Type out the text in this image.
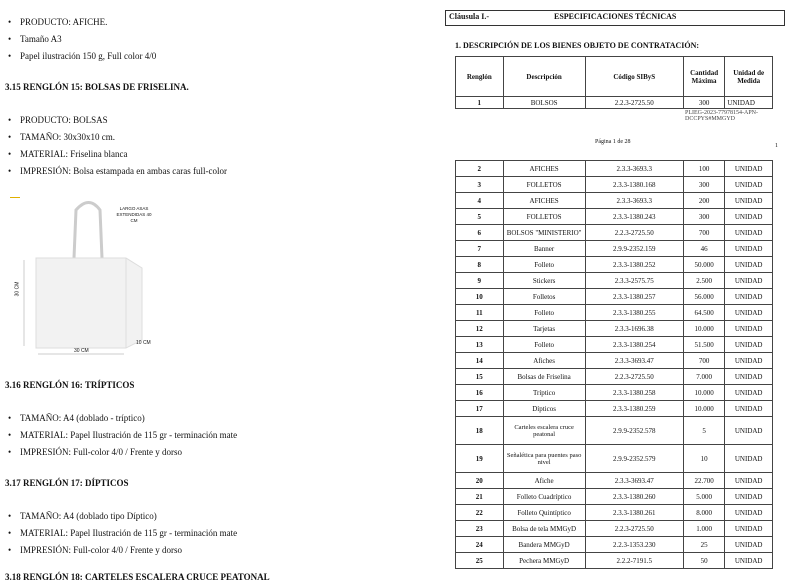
• PRODUCTO: AFICHE.
• Tamaño A3
• Papel ilustración 150 g, Full color 4/0
3.15 RENGLÓN 15: BOLSAS DE FRISELINA.
• PRODUCTO: BOLSAS
• TAMAÑO: 30x30x10 cm.
• MATERIAL: Friselina blanca
• IMPRESIÓN: Bolsa estampada en ambas caras full-color
LARGO ASAS EXTENDIDAS 40 CM
30 CM
30 CM
10 CM
3.16 RENGLÓN 16: TRÍPTICOS
• TAMAÑO: A4 (doblado - tríptico)
• MATERIAL: Papel Ilustración de 115 gr - terminación mate
• IMPRESIÓN: Full-color 4/0 / Frente y dorso
3.17 RENGLÓN 17: DÍPTICOS
• TAMAÑO: A4 (doblado tipo Díptico)
• MATERIAL: Papel Ilustración de 115 gr - terminación mate
• IMPRESIÓN: Full-color 4/0 / Frente y dorso
3.18 RENGLÓN 18: CARTELES ESCALERA CRUCE PEATONAL
Cláusula I.-	ESPECIFICACIONES TÉCNICAS
1. DESCRIPCIÓN DE LOS BIENES OBJETO DE CONTRATACIÓN:
Renglón	Descripción	Código SIByS	Cantidad Máxima	Unidad de Medida
1	BOLSOS	2.2.3-2725.50	300	UNIDAD
PLIEG-2023-77978154-APN-DCCPYS#MMGYD
Página 1 de 28
1
2	AFICHES	2.3.3-3693.3	100	UNIDAD
3	FOLLETOS	2.3.3-1380.168	300	UNIDAD
4	AFICHES	2.3.3-3693.3	200	UNIDAD
5	FOLLETOS	2.3.3-1380.243	300	UNIDAD
6	BOLSOS "MINISTERIO"	2.2.3-2725.50	700	UNIDAD
7	Banner	2.9.9-2352.159	46	UNIDAD
8	Folleto	2.3.3-1380.252	50.000	UNIDAD
9	Stickers	2.3.3-2575.75	2.500	UNIDAD
10	Folletos	2.3.3-1380.257	56.000	UNIDAD
11	Folleto	2.3.3-1380.255	64.500	UNIDAD
12	Tarjetas	2.3.3-1696.38	10.000	UNIDAD
13	Folleto	2.3.3-1380.254	51.500	UNIDAD
14	Afiches	2.3.3-3693.47	700	UNIDAD
15	Bolsas de Friselina	2.2.3-2725.50	7.000	UNIDAD
16	Tríptico	2.3.3-1380.258	10.000	UNIDAD
17	Dípticos	2.3.3-1380.259	10.000	UNIDAD
18	Carteles escalera cruce peatonal	2.9.9-2352.578	5	UNIDAD
19	Señalética para puentes paso nivel	2.9.9-2352.579	10	UNIDAD
20	Afiche	2.3.3-3693.47	22.700	UNIDAD
21	Folleto Cuadríptico	2.3.3-1380.260	5.000	UNIDAD
22	Folleto Quintíptico	2.3.3-1380.261	8.000	UNIDAD
23	Bolsa de tela MMGyD	2.2.3-2725.50	1.000	UNIDAD
24	Bandera MMGyD	2.2.3-1353.230	25	UNIDAD
25	Pechera MMGyD	2.2.2-7191.5	50	UNIDAD
